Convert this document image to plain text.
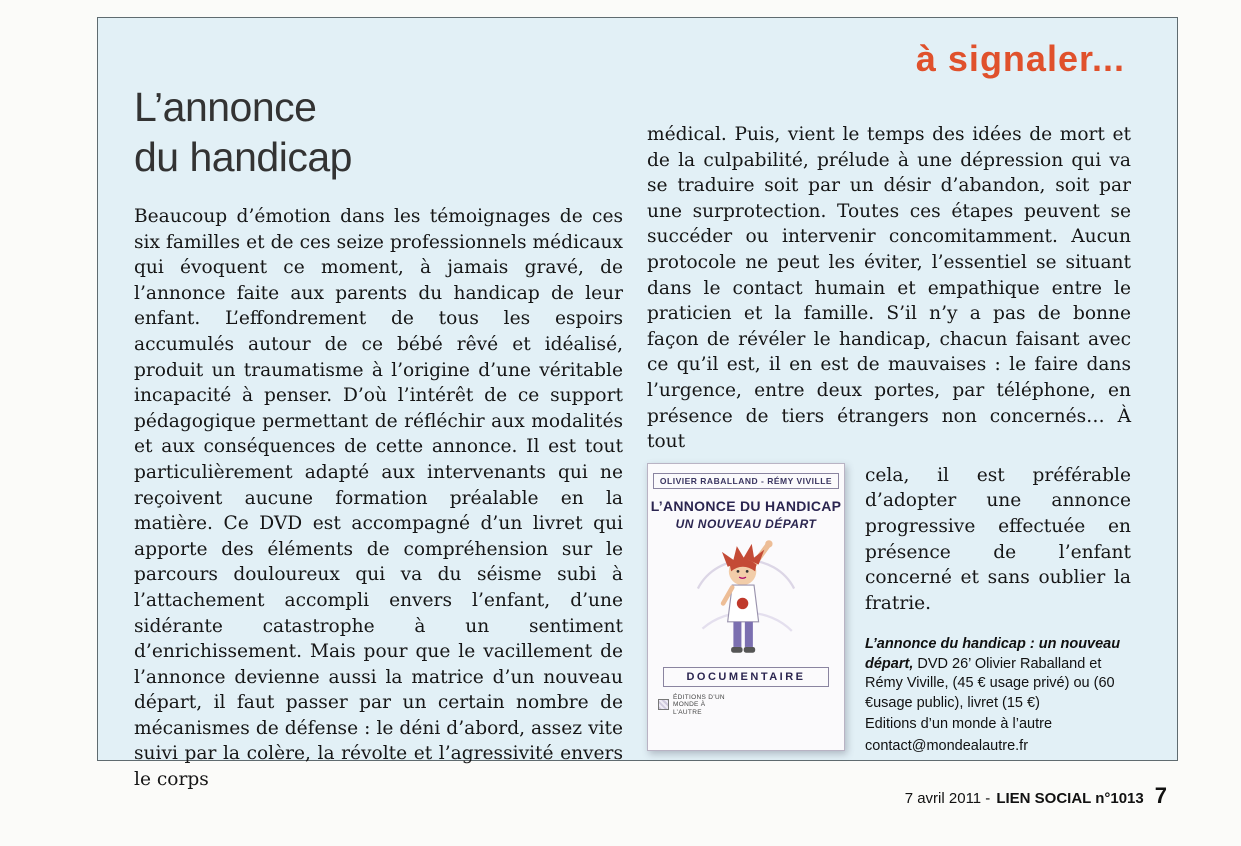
à signaler...
L’annonce
du handicap
Beaucoup d’émotion dans les témoignages de ces six familles et de ces seize professionnels médicaux qui évoquent ce moment, à jamais gravé, de l’annonce faite aux parents du handicap de leur enfant. L’effondrement de tous les espoirs accumulés autour de ce bébé rêvé et idéalisé, produit un traumatisme à l’origine d’une véritable incapacité à penser. D’où l’intérêt de ce support pédagogique permettant de réfléchir aux modalités et aux conséquences de cette annonce. Il est tout particulièrement adapté aux intervenants qui ne reçoivent aucune formation préalable en la matière. Ce DVD est accompagné d’un livret qui apporte des éléments de compréhension sur le parcours douloureux qui va du séisme subi à l’attachement accompli envers l’enfant, d’une sidérante catastrophe à un sentiment d’enrichissement. Mais pour que le vacillement de l’annonce devienne aussi la matrice d’un nouveau départ, il faut passer par un certain nombre de mécanismes de défense : le déni d’abord, assez vite suivi par la colère, la révolte et l’agressivité envers le corps

médical. Puis, vient le temps des idées de mort et de la culpabilité, prélude à une dépression qui va se traduire soit par un désir d’abandon, soit par une surprotection. Toutes ces étapes peuvent se succéder ou intervenir concomitamment. Aucun protocole ne peut les éviter, l’essentiel se situant dans le contact humain et empathique entre le praticien et la famille. S’il n’y a pas de bonne façon de révéler le handicap, chacun faisant avec ce qu’il est, il en est de mauvaises : le faire dans l’urgence, entre deux portes, par téléphone, en présence de tiers étrangers non concernés… À tout

OLIVIER RABALLAND - RÉMY VIVILLE
L’ANNONCE DU HANDICAP
UN NOUVEAU DÉPART
DOCUMENTAIRE
ÉDITIONS D’UN MONDE À L’AUTRE

cela, il est préférable d’adopter une annonce progressive effectuée en présence de l’enfant concerné et sans oublier la fratrie.

L’annonce du handicap : un nouveau départ, DVD 26’ Olivier Raballand et Rémy Viville, (45 € usage privé) ou (60 €usage public), livret (15 €)
Editions d’un monde à l’autre
contact@mondealautre.fr
7 avril 2011 - LIEN SOCIAL n°1013 7
